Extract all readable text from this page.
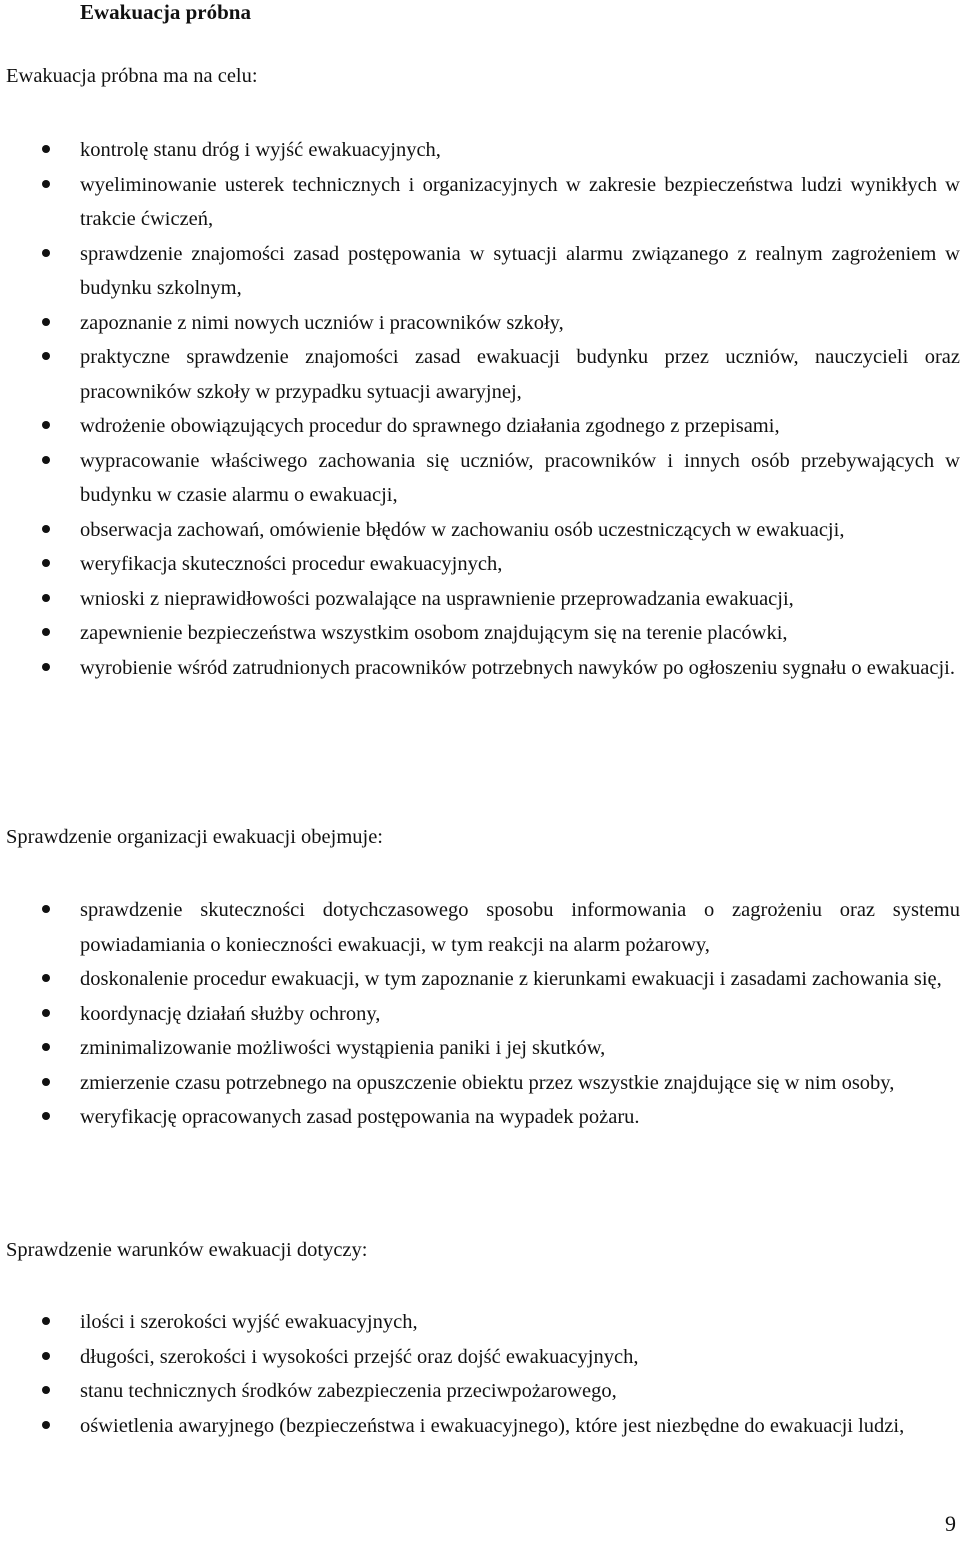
Ewakuacja próbna

Ewakuacja próbna ma na celu:

kontrolę stanu dróg i wyjść ewakuacyjnych,
wyeliminowanie usterek technicznych i organizacyjnych w zakresie bezpieczeństwa ludzi wynikłych w trakcie ćwiczeń,
sprawdzenie znajomości zasad postępowania w sytuacji alarmu związanego z realnym zagrożeniem w budynku szkolnym,
zapoznanie z nimi nowych uczniów i pracowników szkoły,
praktyczne sprawdzenie znajomości zasad ewakuacji budynku przez uczniów, nauczycieli oraz pracowników szkoły w przypadku sytuacji awaryjnej,
wdrożenie obowiązujących procedur do sprawnego działania zgodnego z przepisami,
wypracowanie właściwego zachowania się uczniów, pracowników i innych osób przebywających w budynku w czasie alarmu o ewakuacji,
obserwacja zachowań, omówienie błędów w zachowaniu osób uczestniczących w ewakuacji,
weryfikacja skuteczności procedur ewakuacyjnych,
wnioski z nieprawidłowości pozwalające na usprawnienie przeprowadzania ewakuacji,
zapewnienie bezpieczeństwa wszystkim osobom znajdującym się na terenie placówki,
wyrobienie wśród zatrudnionych pracowników potrzebnych nawyków po ogłoszeniu sygnału o ewakuacji.

Sprawdzenie organizacji ewakuacji obejmuje:

sprawdzenie skuteczności dotychczasowego sposobu informowania o zagrożeniu oraz systemu powiadamiania o konieczności ewakuacji, w tym reakcji na alarm pożarowy,
doskonalenie procedur ewakuacji, w tym zapoznanie z kierunkami ewakuacji i zasadami zachowania się,
koordynację działań służby ochrony,
zminimalizowanie możliwości wystąpienia paniki i jej skutków,
zmierzenie czasu potrzebnego na opuszczenie obiektu przez wszystkie znajdujące się w nim osoby,
weryfikację opracowanych zasad postępowania na wypadek pożaru.

Sprawdzenie warunków ewakuacji dotyczy:

ilości i szerokości wyjść ewakuacyjnych,
długości, szerokości i wysokości przejść oraz dojść ewakuacyjnych,
stanu technicznych środków zabezpieczenia przeciwpożarowego,
oświetlenia awaryjnego (bezpieczeństwa i ewakuacyjnego), które jest niezbędne do ewakuacji ludzi,

9
